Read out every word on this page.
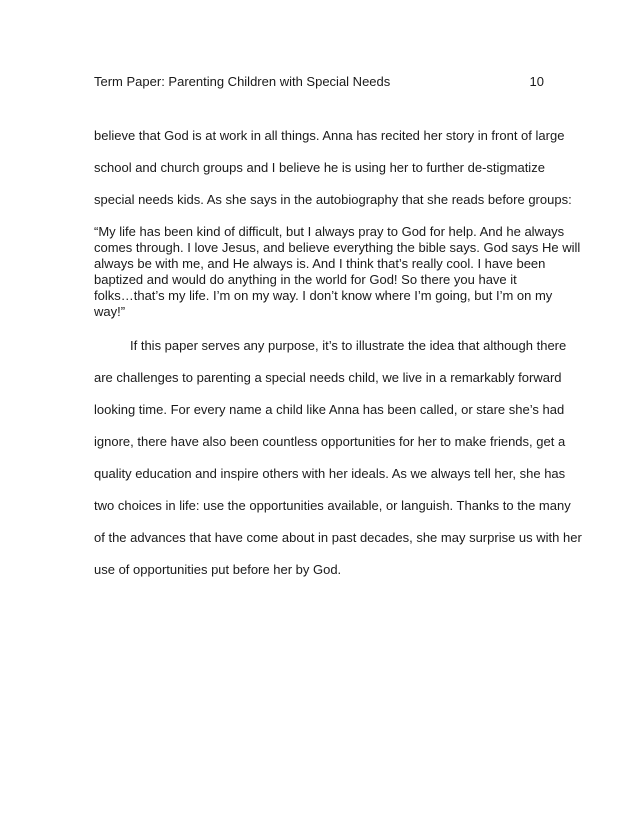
Term Paper: Parenting Children with Special Needs	10
believe that God is at work in all things. Anna has recited her story in front of large
school and church groups and I believe he is using her to further de-stigmatize
special needs kids. As she says in the autobiography that she reads before groups:
“My life has been kind of difficult, but I always pray to God for help. And he always
comes through. I love Jesus, and believe everything the bible says. God says He will
always be with me, and He always is. And I think that’s really cool. I have been
baptized and would do anything in the world for God! So there you have it
folks…that’s my life. I’m on my way. I don’t know where I’m going, but I’m on my
way!”
If this paper serves any purpose, it’s to illustrate the idea that although there
are challenges to parenting a special needs child, we live in a remarkably forward
looking time. For every name a child like Anna has been called, or stare she’s had
ignore, there have also been countless opportunities for her to make friends, get a
quality education and inspire others with her ideals. As we always tell her, she has
two choices in life: use the opportunities available, or languish. Thanks to the many
of the advances that have come about in past decades, she may surprise us with her
use of opportunities put before her by God.
